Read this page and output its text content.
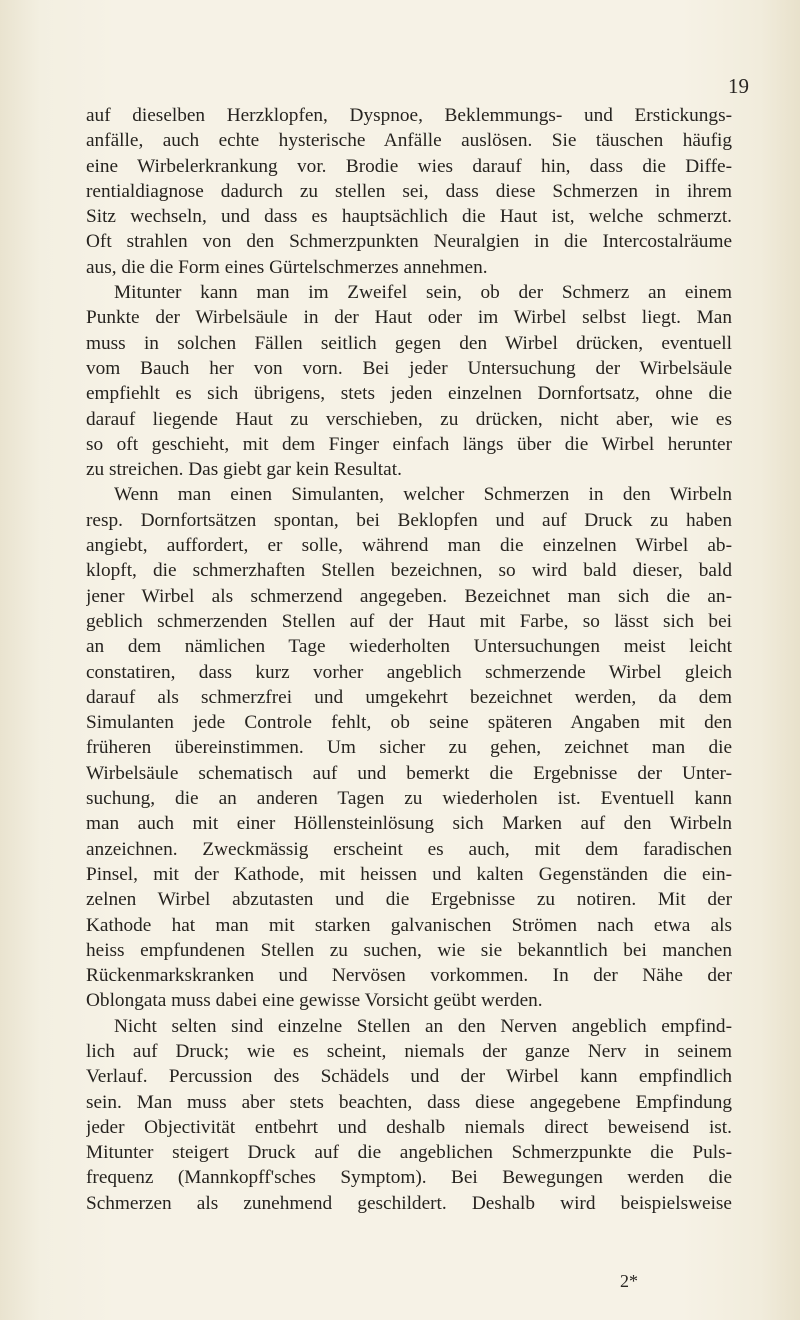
19
auf dieselben Herzklopfen, Dyspnoe, Beklemmungs- und Erstickungs-
anfälle, auch echte hysterische Anfälle auslösen. Sie täuschen häufig
eine Wirbelerkrankung vor. Brodie wies darauf hin, dass die Diffe-
rentialdiagnose dadurch zu stellen sei, dass diese Schmerzen in ihrem
Sitz wechseln, und dass es hauptsächlich die Haut ist, welche schmerzt.
Oft strahlen von den Schmerzpunkten Neuralgien in die Intercostalräume
aus, die die Form eines Gürtelschmerzes annehmen.
Mitunter kann man im Zweifel sein, ob der Schmerz an einem
Punkte der Wirbelsäule in der Haut oder im Wirbel selbst liegt. Man
muss in solchen Fällen seitlich gegen den Wirbel drücken, eventuell
vom Bauch her von vorn. Bei jeder Untersuchung der Wirbelsäule
empfiehlt es sich übrigens, stets jeden einzelnen Dornfortsatz, ohne die
darauf liegende Haut zu verschieben, zu drücken, nicht aber, wie es
so oft geschieht, mit dem Finger einfach längs über die Wirbel herunter
zu streichen. Das giebt gar kein Resultat.
Wenn man einen Simulanten, welcher Schmerzen in den Wirbeln
resp. Dornfortsätzen spontan, bei Beklopfen und auf Druck zu haben
angiebt, auffordert, er solle, während man die einzelnen Wirbel ab-
klopft, die schmerzhaften Stellen bezeichnen, so wird bald dieser, bald
jener Wirbel als schmerzend angegeben. Bezeichnet man sich die an-
geblich schmerzenden Stellen auf der Haut mit Farbe, so lässt sich bei
an dem nämlichen Tage wiederholten Untersuchungen meist leicht
constatiren, dass kurz vorher angeblich schmerzende Wirbel gleich
darauf als schmerzfrei und umgekehrt bezeichnet werden, da dem
Simulanten jede Controle fehlt, ob seine späteren Angaben mit den
früheren übereinstimmen. Um sicher zu gehen, zeichnet man die
Wirbelsäule schematisch auf und bemerkt die Ergebnisse der Unter-
suchung, die an anderen Tagen zu wiederholen ist. Eventuell kann
man auch mit einer Höllensteinlösung sich Marken auf den Wirbeln
anzeichnen. Zweckmässig erscheint es auch, mit dem faradischen
Pinsel, mit der Kathode, mit heissen und kalten Gegenständen die ein-
zelnen Wirbel abzutasten und die Ergebnisse zu notiren. Mit der
Kathode hat man mit starken galvanischen Strömen nach etwa als
heiss empfundenen Stellen zu suchen, wie sie bekanntlich bei manchen
Rückenmarkskranken und Nervösen vorkommen. In der Nähe der
Oblongata muss dabei eine gewisse Vorsicht geübt werden.
Nicht selten sind einzelne Stellen an den Nerven angeblich empfind-
lich auf Druck; wie es scheint, niemals der ganze Nerv in seinem
Verlauf. Percussion des Schädels und der Wirbel kann empfindlich
sein. Man muss aber stets beachten, dass diese angegebene Empfindung
jeder Objectivität entbehrt und deshalb niemals direct beweisend ist.
Mitunter steigert Druck auf die angeblichen Schmerzpunkte die Puls-
frequenz (Mannkopff'sches Symptom). Bei Bewegungen werden die
Schmerzen als zunehmend geschildert. Deshalb wird beispielsweise
2*
